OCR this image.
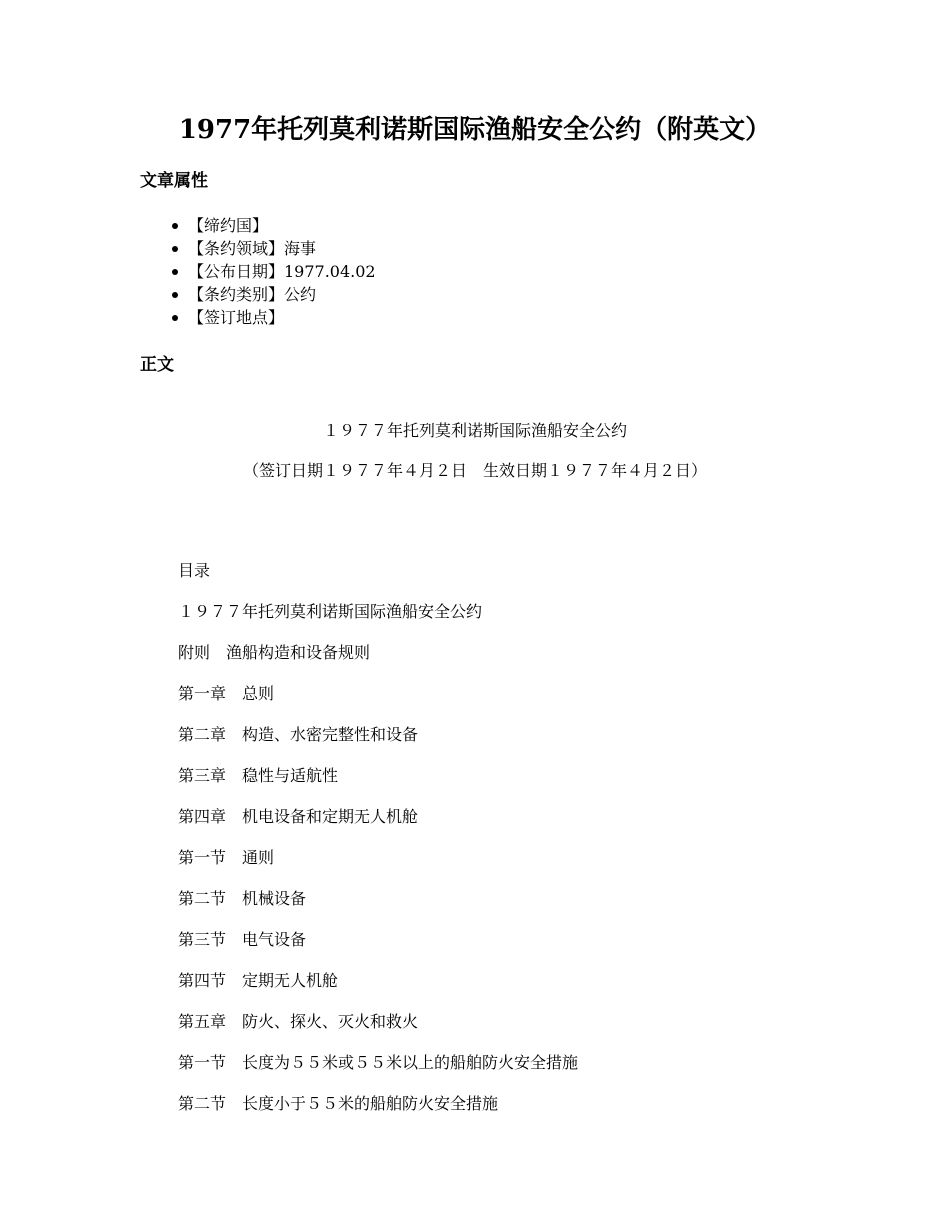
1977年托列莫利诺斯国际渔船安全公约（附英文）
文章属性
【缔约国】
【条约领域】海事
【公布日期】1977.04.02
【条约类别】公约
【签订地点】
正文

１９７７年托列莫利诺斯国际渔船安全公约

（签订日期１９７７年４月２日　生效日期１９７７年４月２日）

目录
１９７７年托列莫利诺斯国际渔船安全公约
附则　渔船构造和设备规则
第一章　总则
第二章　构造、水密完整性和设备
第三章　稳性与适航性
第四章　机电设备和定期无人机舱
第一节　通则
第二节　机械设备
第三节　电气设备
第四节　定期无人机舱
第五章　防火、探火、灭火和救火
第一节　长度为５５米或５５米以上的船舶防火安全措施
第二节　长度小于５５米的船舶防火安全措施
